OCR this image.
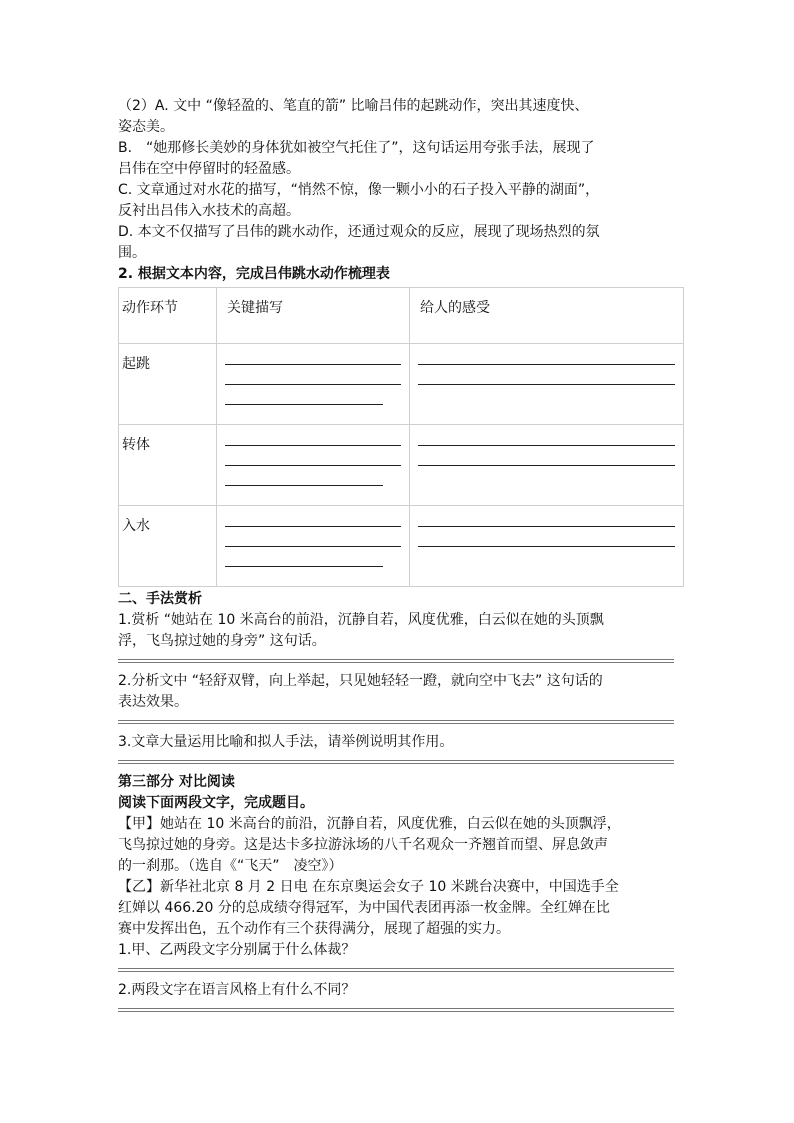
（2）A. 文中 “像轻盈的、笔直的箭” 比喻吕伟的起跳动作，突出其速度快、
姿态美。
B.　“她那修长美妙的身体犹如被空气托住了”，这句话运用夸张手法，展现了
吕伟在空中停留时的轻盈感。
C. 文章通过对水花的描写，“悄然不惊，像一颗小小的石子投入平静的湖面”，
反衬出吕伟入水技术的高超。
D. 本文不仅描写了吕伟的跳水动作，还通过观众的反应，展现了现场热烈的氛
围。
2. 根据文本内容，完成吕伟跳水动作梳理表
动作环节	关键描写	给人的感受

起跳		

转体		

入水		

二、手法赏析
1.赏析 “她站在 10 米高台的前沿，沉静自若，风度优雅，白云似在她的头顶飘
浮，飞鸟掠过她的身旁” 这句话。
2.分析文中 “轻舒双臂，向上举起，只见她轻轻一蹬，就向空中飞去” 这句话的
表达效果。
3.文章大量运用比喻和拟人手法，请举例说明其作用。
第三部分 对比阅读
阅读下面两段文字，完成题目。
【甲】她站在 10 米高台的前沿，沉静自若，风度优雅，白云似在她的头顶飘浮，
飞鸟掠过她的身旁。这是达卡多拉游泳场的八千名观众一齐翘首而望、屏息敛声
的一刹那。（选自《“飞天”　凌空》）
【乙】新华社北京 8 月 2 日电 在东京奥运会女子 10 米跳台决赛中，中国选手全
红婵以 466.20 分的总成绩夺得冠军，为中国代表团再添一枚金牌。全红婵在比
赛中发挥出色，五个动作有三个获得满分，展现了超强的实力。
1.甲、乙两段文字分别属于什么体裁？
2.两段文字在语言风格上有什么不同？
